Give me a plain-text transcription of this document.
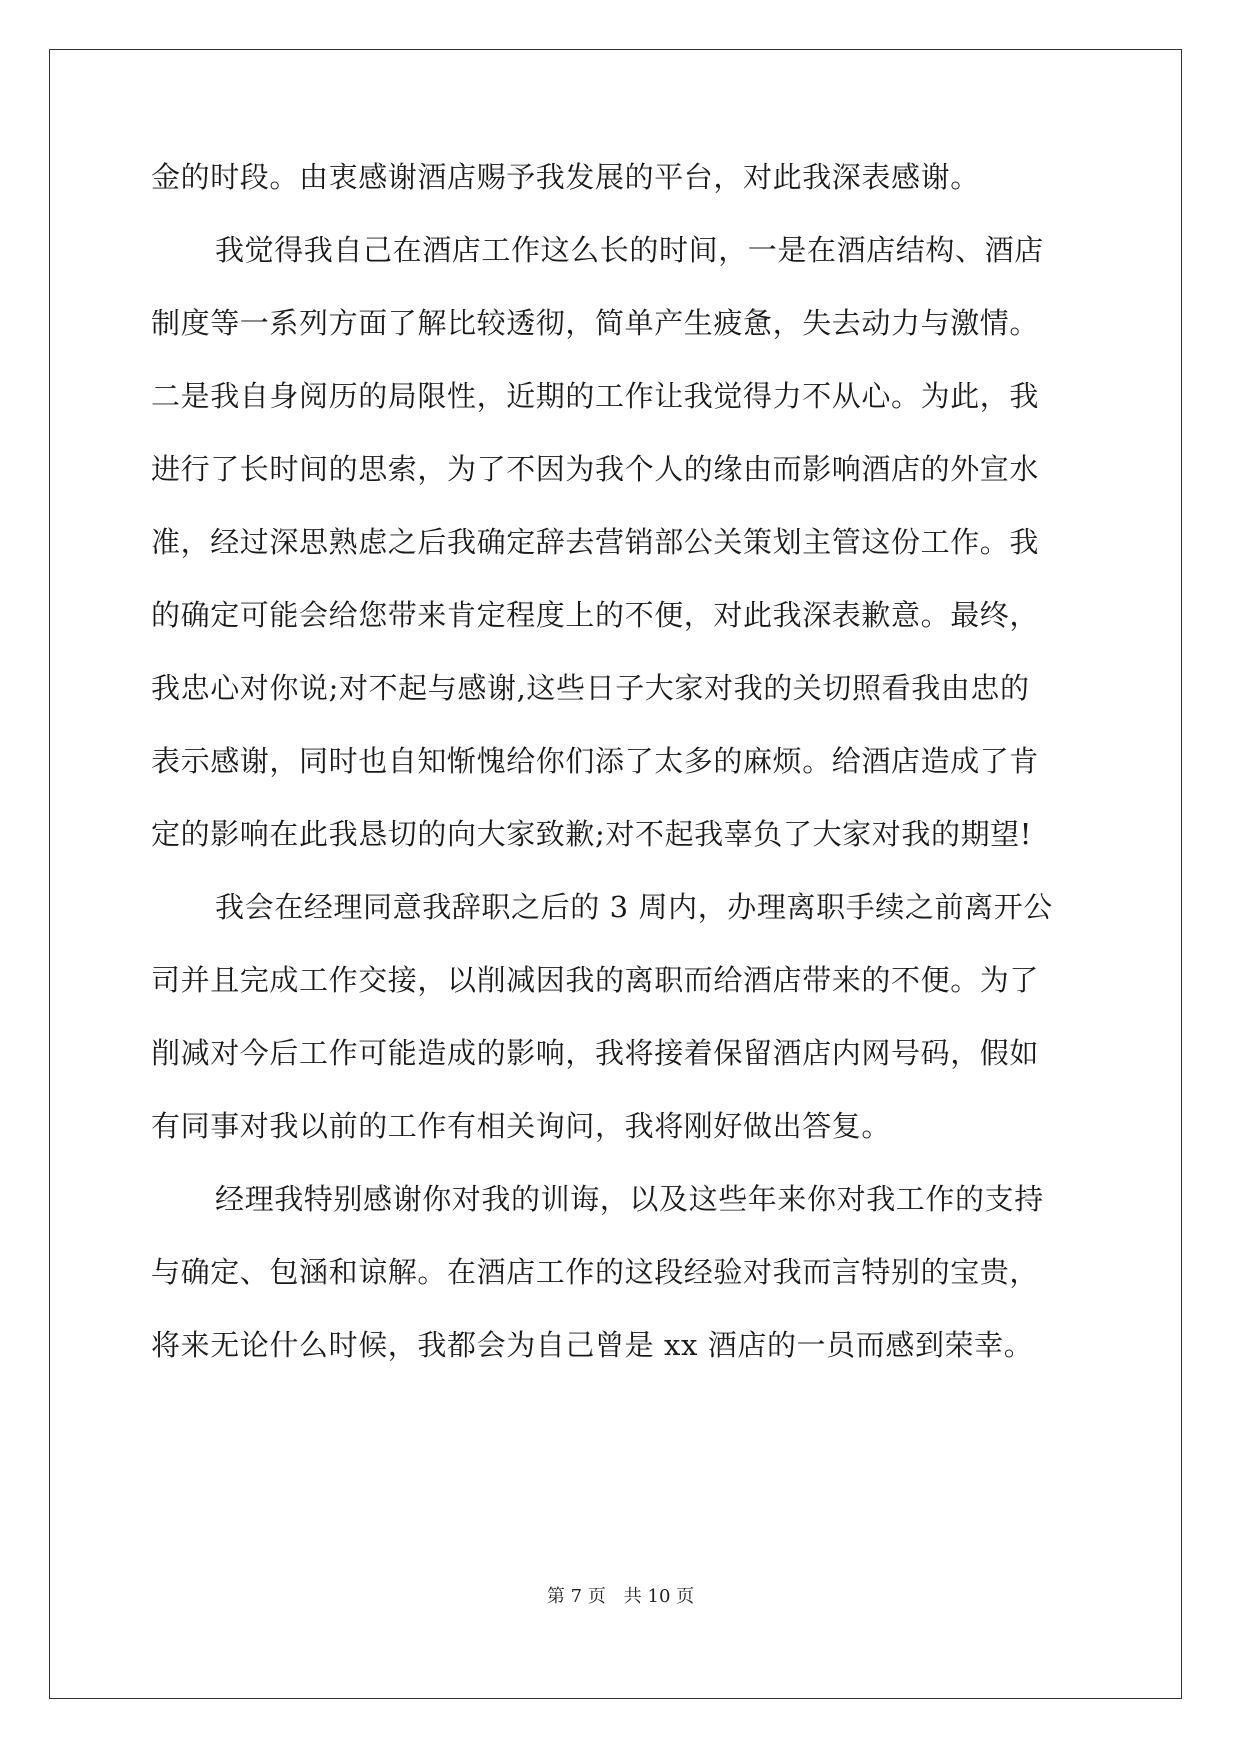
金的时段。由衷感谢酒店赐予我发展的平台，对此我深表感谢。
我觉得我自己在酒店工作这么长的时间，一是在酒店结构、酒店
制度等一系列方面了解比较透彻，简单产生疲惫，失去动力与激情。
二是我自身阅历的局限性，近期的工作让我觉得力不从心。为此，我
进行了长时间的思索，为了不因为我个人的缘由而影响酒店的外宣水
准，经过深思熟虑之后我确定辞去营销部公关策划主管这份工作。我
的确定可能会给您带来肯定程度上的不便，对此我深表歉意。最终，
我忠心对你说;对不起与感谢,这些日子大家对我的关切照看我由忠的
表示感谢，同时也自知惭愧给你们添了太多的麻烦。给酒店造成了肯
定的影响在此我恳切的向大家致歉;对不起我辜负了大家对我的期望!
我会在经理同意我辞职之后的 3 周内，办理离职手续之前离开公
司并且完成工作交接，以削减因我的离职而给酒店带来的不便。为了
削减对今后工作可能造成的影响，我将接着保留酒店内网号码，假如
有同事对我以前的工作有相关询问，我将刚好做出答复。
经理我特别感谢你对我的训诲，以及这些年来你对我工作的支持
与确定、包涵和谅解。在酒店工作的这段经验对我而言特别的宝贵，
将来无论什么时候，我都会为自己曾是 xx 酒店的一员而感到荣幸。
第 7 页　共 10 页
